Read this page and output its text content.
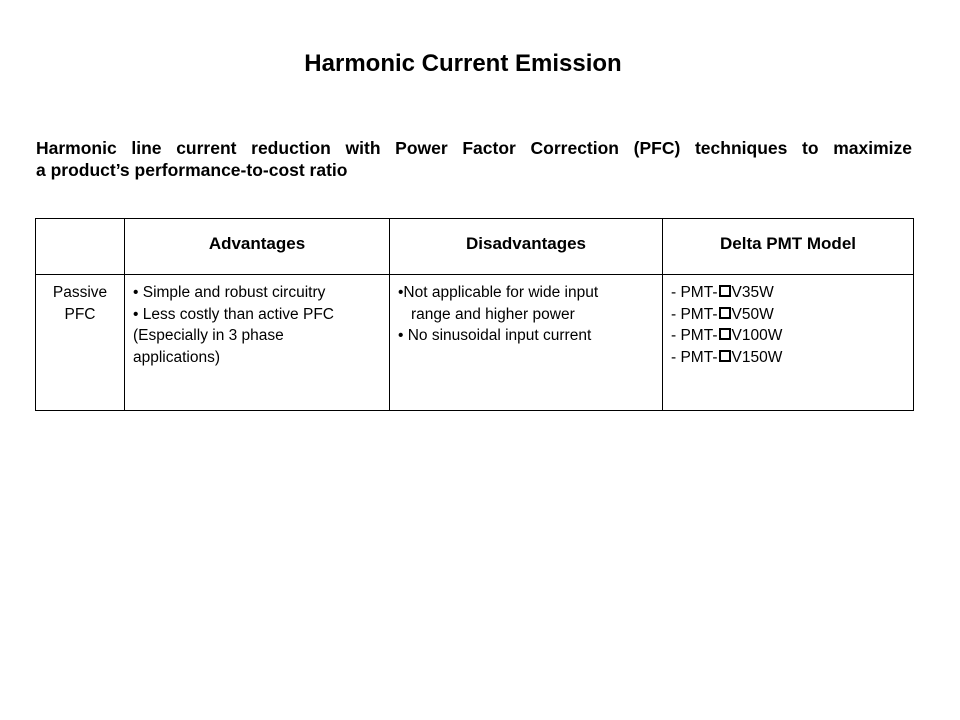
Harmonic Current Emission

Harmonic line current reduction with Power Factor Correction (PFC) techniques to maximize
a product’s performance-to-cost ratio

	Advantages	Disadvantages	Delta PMT Model

Passive
PFC	• Simple and robust circuitry
• Less costly than active PFC
(Especially in 3 phase
applications)	•Not applicable for wide input
range and higher power
• No sinusoidal input current	- PMT- V35W
- PMT- V50W
- PMT- V100W
- PMT- V150W
